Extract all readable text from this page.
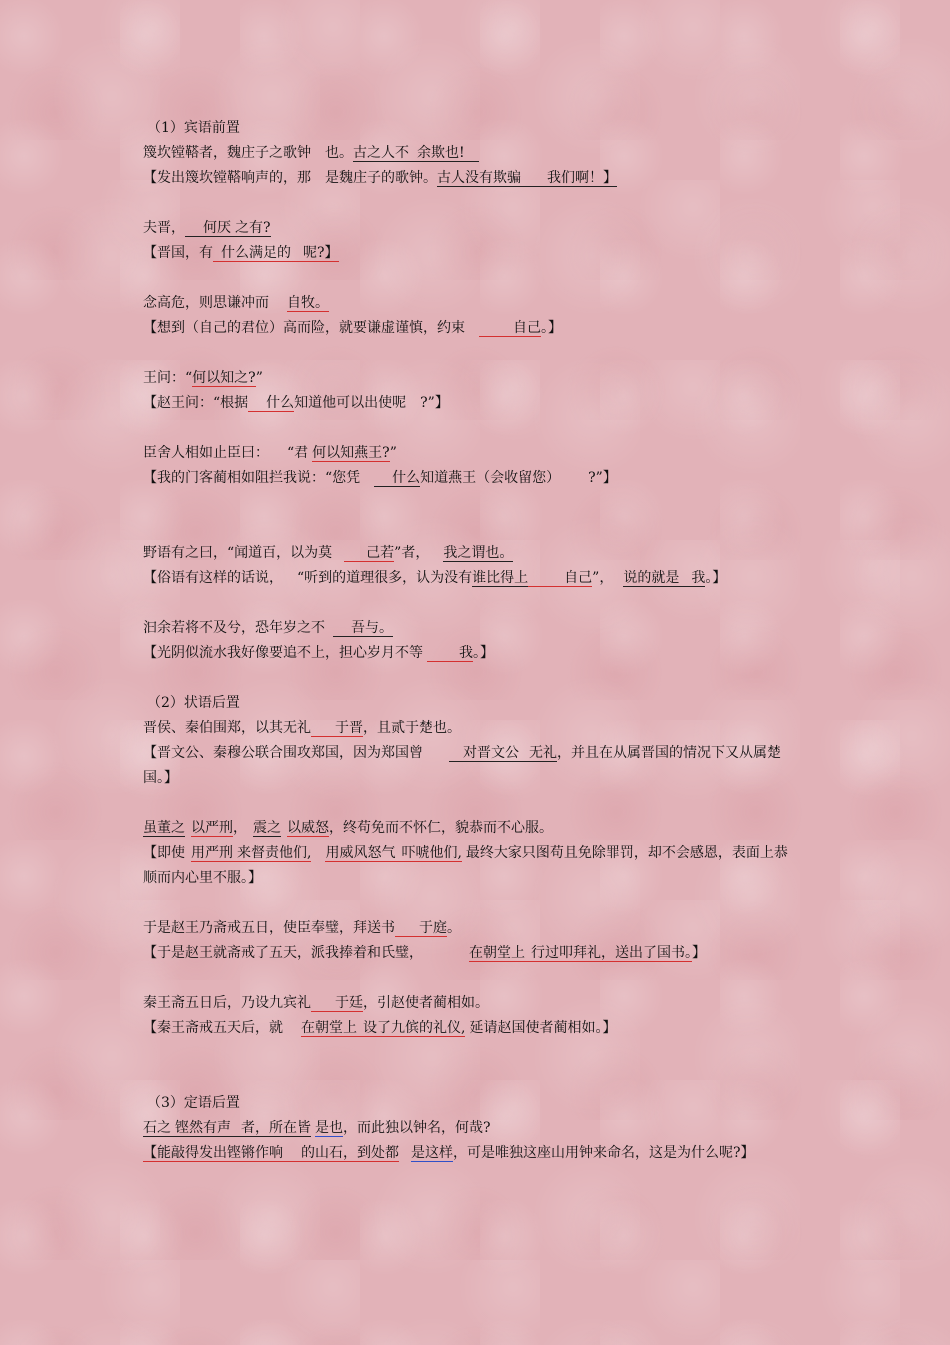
（1）宾语前置
篾坎镗鞳者，魏庄子之歌钟 也。古之人不 余欺也!
【发出篾坎镗鞳响声的，那 是魏庄子的歌钟。古人没有欺骗 我们啊！】
夫晋， 何厌 之有?
【晋国，有 什么满足的 呢?】
念高危，则思谦冲而 自牧。
【想到（自己的君位）高而险，就要谦虚谨慎，约束	自己。】
王问：“何以知之?”
【赵王问：“根据 什么知道他可以出使呢 ?”】
臣舍人相如止臣曰： “君 何以知燕王?”
【我的门客蔺相如阻拦我说：“您凭 什么知道燕王（会收留您） ?”】
野语有之曰，“闻道百，以为莫 己若”者， 我之谓也。
【俗语有这样的话说， “听到的道理很多，认为没有谁比得上	自己”， 说的就是 我。】
汩余若将不及兮，恐年岁之不 吾与。
【光阴似流水我好像要追不上，担心岁月不等	我。】
（2）状语后置
晋侯、秦伯围郑，以其无礼 于晋，且贰于楚也。
【晋文公、秦穆公联合围攻郑国，因为郑国曾	对晋文公 无礼，并且在从属晋国的情况下又从属楚国。】
虽董之 以严刑， 震之 以威怒，终苟免而不怀仁，貌恭而不心服。
【即使 用严刑 来督责他们, 用威风怒气 吓唬他们, 最终大家只图苟且免除罪罚，却不会感恩，表面上恭顺而内心里不服。】
于是赵王乃斋戒五日，使臣奉璧，拜送书 于庭。
【于是赵王就斋戒了五天，派我捧着和氏璧，	在朝堂上 行过叩拜礼，送出了国书。】
秦王斋五日后，乃设九宾礼 于廷，引赵使者蔺相如。
【秦王斋戒五天后，就 在朝堂上 设了九傧的礼仪, 延请赵国使者蔺相如。】
（3）定语后置
石之 铿然有声 者，所在皆 是也，而此独以钟名，何哉?
【能敲得发出铿锵作响 的山石，到处都 是这样，可是唯独这座山用钟来命名，这是为什么呢?】
